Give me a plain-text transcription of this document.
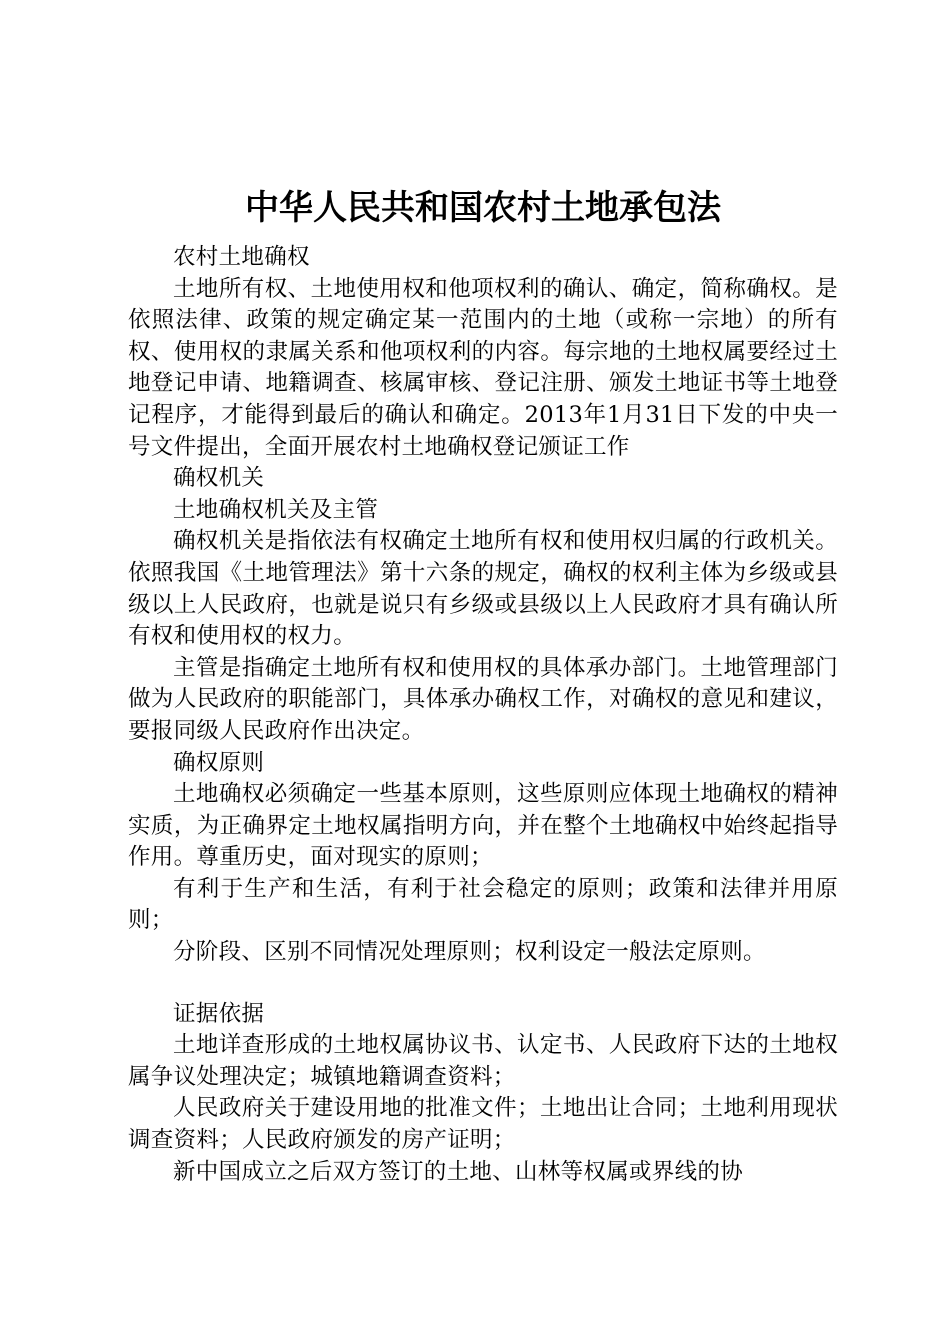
中华人民共和国农村土地承包法
农村土地确权

土地所有权、土地使用权和他项权利的确认、确定，简称确权。是依照法律、政策的规定确定某一范围内的土地（或称一宗地）的所有权、使用权的隶属关系和他项权利的内容。每宗地的土地权属要经过土地登记申请、地籍调查、核属审核、登记注册、颁发土地证书等土地登记程序，才能得到最后的确认和确定。2013年1月31日下发的中央一号文件提出，全面开展农村土地确权登记颁证工作

确权机关
土地确权机关及主管

确权机关是指依法有权确定土地所有权和使用权归属的行政机关。依照我国《土地管理法》第十六条的规定，确权的权利主体为乡级或县级以上人民政府，也就是说只有乡级或县级以上人民政府才具有确认所有权和使用权的权力。

主管是指确定土地所有权和使用权的具体承办部门。土地管理部门做为人民政府的职能部门，具体承办确权工作，对确权的意见和建议，要报同级人民政府作出决定。

确权原则

土地确权必须确定一些基本原则，这些原则应体现土地确权的精神实质，为正确界定土地权属指明方向，并在整个土地确权中始终起指导作用。尊重历史，面对现实的原则；

有利于生产和生活，有利于社会稳定的原则；政策和法律并用原则；

分阶段、区别不同情况处理原则；权利设定一般法定原则。

证据依据

土地详查形成的土地权属协议书、认定书、人民政府下达的土地权属争议处理决定；城镇地籍调查资料；

人民政府关于建设用地的批准文件；土地出让合同；土地利用现状调查资料；人民政府颁发的房产证明；

新中国成立之后双方签订的土地、山林等权属或界线的协
